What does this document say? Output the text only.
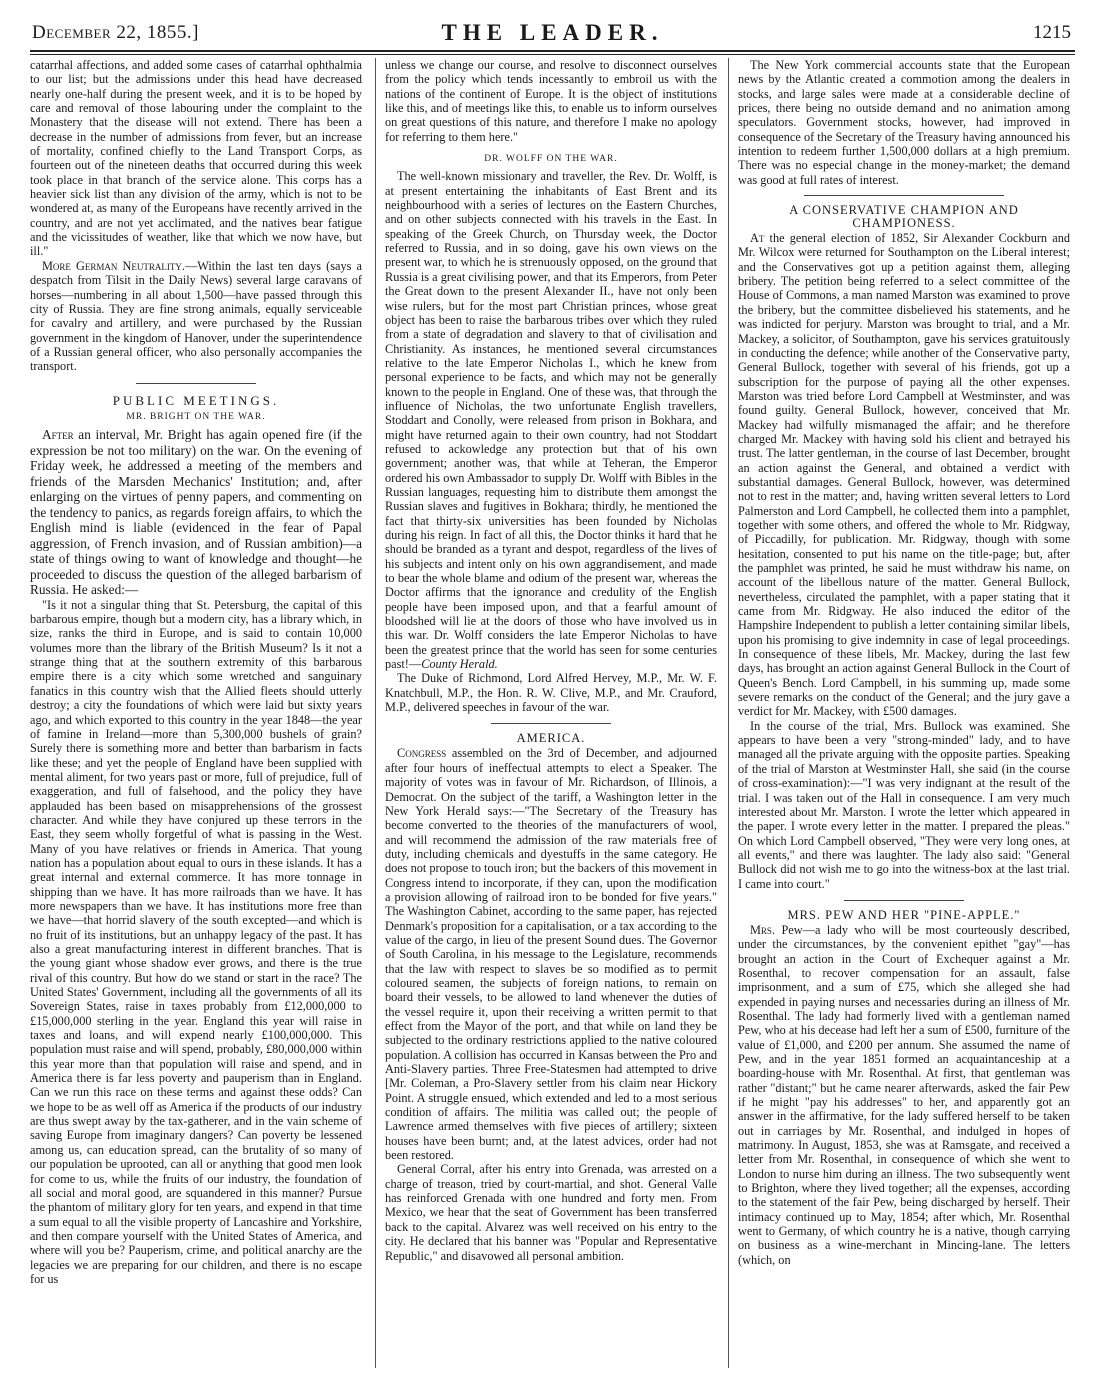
December 22, 1855.]	THE LEADER.	1215

catarrhal affections, and added some cases of catarrhal ophthalmia to our list; but the admissions under this head have decreased nearly one-half during the present week, and it is to be hoped by care and removal of those labouring under the complaint to the Monastery that the disease will not extend. There has been a decrease in the number of admissions from fever, but an increase of mortality, confined chiefly to the Land Transport Corps, as fourteen out of the nineteen deaths that occurred during this week took place in that branch of the service alone. This corps has a heavier sick list than any division of the army, which is not to be wondered at, as many of the Europeans have recently arrived in the country, and are not yet acclimated, and the natives bear fatigue and the vicissitudes of weather, like that which we now have, but ill."

More German Neutrality.—Within the last ten days (says a despatch from Tilsit in the Daily News) several large caravans of horses—numbering in all about 1,500—have passed through this city of Russia. They are fine strong animals, equally serviceable for cavalry and artillery, and were purchased by the Russian government in the kingdom of Hanover, under the superintendence of a Russian general officer, who also personally accompanies the transport.

PUBLIC MEETINGS.
MR. BRIGHT ON THE WAR.

After an interval, Mr. Bright has again opened fire (if the expression be not too military) on the war. On the evening of Friday week, he addressed a meeting of the members and friends of the Marsden Mechanics' Institution; and, after enlarging on the virtues of penny papers, and commenting on the tendency to panics, as regards foreign affairs, to which the English mind is liable (evidenced in the fear of Papal aggression, of French invasion, and of Russian ambition)—a state of things owing to want of knowledge and thought—he proceeded to discuss the question of the alleged barbarism of Russia. He asked:—

"Is it not a singular thing that St. Petersburg, the capital of this barbarous empire, though but a modern city, has a library which, in size, ranks the third in Europe, and is said to contain 10,000 volumes more than the library of the British Museum? Is it not a strange thing that at the southern extremity of this barbarous empire there is a city which some wretched and sanguinary fanatics in this country wish that the Allied fleets should utterly destroy; a city the foundations of which were laid but sixty years ago, and which exported to this country in the year 1848—the year of famine in Ireland—more than 5,300,000 bushels of grain? Surely there is something more and better than barbarism in facts like these; and yet the people of England have been supplied with mental aliment, for two years past or more, full of prejudice, full of exaggeration, and full of falsehood, and the policy they have applauded has been based on misapprehensions of the grossest character. And while they have conjured up these terrors in the East, they seem wholly forgetful of what is passing in the West. Many of you have relatives or friends in America. That young nation has a population about equal to ours in these islands. It has a great internal and external commerce. It has more tonnage in shipping than we have. It has more railroads than we have. It has more newspapers than we have. It has institutions more free than we have—that horrid slavery of the south excepted—and which is no fruit of its institutions, but an unhappy legacy of the past. It has also a great manufacturing interest in different branches. That is the young giant whose shadow ever grows, and there is the true rival of this country. But how do we stand or start in the race? The United States' Government, including all the governments of all its Sovereign States, raise in taxes probably from £12,000,000 to £15,000,000 sterling in the year. England this year will raise in taxes and loans, and will expend nearly £100,000,000. This population must raise and will spend, probably, £80,000,000 within this year more than that population will raise and spend, and in America there is far less poverty and pauperism than in England. Can we run this race on these terms and against these odds? Can we hope to be as well off as America if the products of our industry are thus swept away by the tax-gatherer, and in the vain scheme of saving Europe from imaginary dangers? Can poverty be lessened among us, can education spread, can the brutality of so many of our population be uprooted, can all or anything that good men look for come to us, while the fruits of our industry, the foundation of all social and moral good, are squandered in this manner? Pursue the phantom of military glory for ten years, and expend in that time a sum equal to all the visible property of Lancashire and Yorkshire, and then compare yourself with the United States of America, and where will you be? Pauperism, crime, and political anarchy are the legacies we are preparing for our children, and there is no escape for us

unless we change our course, and resolve to disconnect ourselves from the policy which tends incessantly to embroil us with the nations of the continent of Europe. It is the object of institutions like this, and of meetings like this, to enable us to inform ourselves on great questions of this nature, and therefore I make no apology for referring to them here."

DR. WOLFF ON THE WAR.

The well-known missionary and traveller, the Rev. Dr. Wolff, is at present entertaining the inhabitants of East Brent and its neighbourhood with a series of lectures on the Eastern Churches, and on other subjects connected with his travels in the East. In speaking of the Greek Church, on Thursday week, the Doctor referred to Russia, and in so doing, gave his own views on the present war, to which he is strenuously opposed, on the ground that Russia is a great civilising power, and that its Emperors, from Peter the Great down to the present Alexander II., have not only been wise rulers, but for the most part Christian princes, whose great object has been to raise the barbarous tribes over which they ruled from a state of degradation and slavery to that of civilisation and Christianity. As instances, he mentioned several circumstances relative to the late Emperor Nicholas I., which he knew from personal experience to be facts, and which may not be generally known to the people in England. One of these was, that through the influence of Nicholas, the two unfortunate English travellers, Stoddart and Conolly, were released from prison in Bokhara, and might have returned again to their own country, had not Stoddart refused to ackowledge any protection but that of his own government; another was, that while at Teheran, the Emperor ordered his own Ambassador to supply Dr. Wolff with Bibles in the Russian languages, requesting him to distribute them amongst the Russian slaves and fugitives in Bokhara; thirdly, he mentioned the fact that thirty-six universities has been founded by Nicholas during his reign. In fact of all this, the Doctor thinks it hard that he should be branded as a tyrant and despot, regardless of the lives of his subjects and intent only on his own aggrandisement, and made to bear the whole blame and odium of the present war, whereas the Doctor affirms that the ignorance and credulity of the English people have been imposed upon, and that a fearful amount of bloodshed will lie at the doors of those who have involved us in this war. Dr. Wolff considers the late Emperor Nicholas to have been the greatest prince that the world has seen for some centuries past!—County Herald.

The Duke of Richmond, Lord Alfred Hervey, M.P., Mr. W. F. Knatchbull, M.P., the Hon. R. W. Clive, M.P., and Mr. Crauford, M.P., delivered speeches in favour of the war.

AMERICA.

Congress assembled on the 3rd of December, and adjourned after four hours of ineffectual attempts to elect a Speaker. The majority of votes was in favour of Mr. Richardson, of Illinois, a Democrat. On the subject of the tariff, a Washington letter in the New York Herald says:—"The Secretary of the Treasury has become converted to the theories of the manufacturers of wool, and will recommend the admission of the raw materials free of duty, including chemicals and dyestuffs in the same category. He does not propose to touch iron; but the backers of this movement in Congress intend to incorporate, if they can, upon the modification a provision allowing of railroad iron to be bonded for five years." The Washington Cabinet, according to the same paper, has rejected Denmark's proposition for a capitalisation, or a tax according to the value of the cargo, in lieu of the present Sound dues. The Governor of South Carolina, in his message to the Legislature, recommends that the law with respect to slaves be so modified as to permit coloured seamen, the subjects of foreign nations, to remain on board their vessels, to be allowed to land whenever the duties of the vessel require it, upon their receiving a written permit to that effect from the Mayor of the port, and that while on land they be subjected to the ordinary restrictions applied to the native coloured population. A collision has occurred in Kansas between the Pro and Anti-Slavery parties. Three Free-Statesmen had attempted to drive [Mr. Coleman, a Pro-Slavery settler from his claim near Hickory Point. A struggle ensued, which extended and led to a most serious condition of affairs. The militia was called out; the people of Lawrence armed themselves with five pieces of artillery; sixteen houses have been burnt; and, at the latest advices, order had not been restored.

General Corral, after his entry into Grenada, was arrested on a charge of treason, tried by court-martial, and shot. General Valle has reinforced Grenada with one hundred and forty men. From Mexico, we hear that the seat of Government has been transferred back to the capital. Alvarez was well received on his entry to the city. He declared that his banner was "Popular and Representative Republic," and disavowed all personal ambition.

The New York commercial accounts state that the European news by the Atlantic created a commotion among the dealers in stocks, and large sales were made at a considerable decline of prices, there being no outside demand and no animation among speculators. Government stocks, however, had improved in consequence of the Secretary of the Treasury having announced his intention to redeem further 1,500,000 dollars at a high premium. There was no especial change in the money-market; the demand was good at full rates of interest.

A CONSERVATIVE CHAMPION AND CHAMPIONESS.

At the general election of 1852, Sir Alexander Cockburn and Mr. Wilcox were returned for Southampton on the Liberal interest; and the Conservatives got up a petition against them, alleging bribery. The petition being referred to a select committee of the House of Commons, a man named Marston was examined to prove the bribery, but the committee disbelieved his statements, and he was indicted for perjury. Marston was brought to trial, and a Mr. Mackey, a solicitor, of Southampton, gave his services gratuitously in conducting the defence; while another of the Conservative party, General Bullock, together with several of his friends, got up a subscription for the purpose of paying all the other expenses. Marston was tried before Lord Campbell at Westminster, and was found guilty. General Bullock, however, conceived that Mr. Mackey had wilfully mismanaged the affair; and he therefore charged Mr. Mackey with having sold his client and betrayed his trust. The latter gentleman, in the course of last December, brought an action against the General, and obtained a verdict with substantial damages. General Bullock, however, was determined not to rest in the matter; and, having written several letters to Lord Palmerston and Lord Campbell, he collected them into a pamphlet, together with some others, and offered the whole to Mr. Ridgway, of Piccadilly, for publication. Mr. Ridgway, though with some hesitation, consented to put his name on the title-page; but, after the pamphlet was printed, he said he must withdraw his name, on account of the libellous nature of the matter. General Bullock, nevertheless, circulated the pamphlet, with a paper stating that it came from Mr. Ridgway. He also induced the editor of the Hampshire Independent to publish a letter containing similar libels, upon his promising to give indemnity in case of legal proceedings. In consequence of these libels, Mr. Mackey, during the last few days, has brought an action against General Bullock in the Court of Queen's Bench. Lord Campbell, in his summing up, made some severe remarks on the conduct of the General; and the jury gave a verdict for Mr. Mackey, with £500 damages.

In the course of the trial, Mrs. Bullock was examined. She appears to have been a very "strong-minded" lady, and to have managed all the private arguing with the opposite parties. Speaking of the trial of Marston at Westminster Hall, she said (in the course of cross-examination):—"I was very indignant at the result of the trial. I was taken out of the Hall in consequence. I am very much interested about Mr. Marston. I wrote the letter which appeared in the paper. I wrote every letter in the matter. I prepared the pleas." On which Lord Campbell observed, "They were very long ones, at all events," and there was laughter. The lady also said: "General Bullock did not wish me to go into the witness-box at the last trial. I came into court."

MRS. PEW AND HER "PINE-APPLE."

Mrs. Pew—a lady who will be most courteously described, under the circumstances, by the convenient epithet "gay"—has brought an action in the Court of Exchequer against a Mr. Rosenthal, to recover compensation for an assault, false imprisonment, and a sum of £75, which she alleged she had expended in paying nurses and necessaries during an illness of Mr. Rosenthal. The lady had formerly lived with a gentleman named Pew, who at his decease had left her a sum of £500, furniture of the value of £1,000, and £200 per annum. She assumed the name of Pew, and in the year 1851 formed an acquaintanceship at a boarding-house with Mr. Rosenthal. At first, that gentleman was rather "distant;" but he came nearer afterwards, asked the fair Pew if he might "pay his addresses" to her, and apparently got an answer in the affirmative, for the lady suffered herself to be taken out in carriages by Mr. Rosenthal, and indulged in hopes of matrimony. In August, 1853, she was at Ramsgate, and received a letter from Mr. Rosenthal, in consequence of which she went to London to nurse him during an illness. The two subsequently went to Brighton, where they lived together; all the expenses, according to the statement of the fair Pew, being discharged by herself. Their intimacy continued up to May, 1854; after which, Mr. Rosenthal went to Germany, of which country he is a native, though carrying on business as a wine-merchant in Mincing-lane. The letters (which, on
